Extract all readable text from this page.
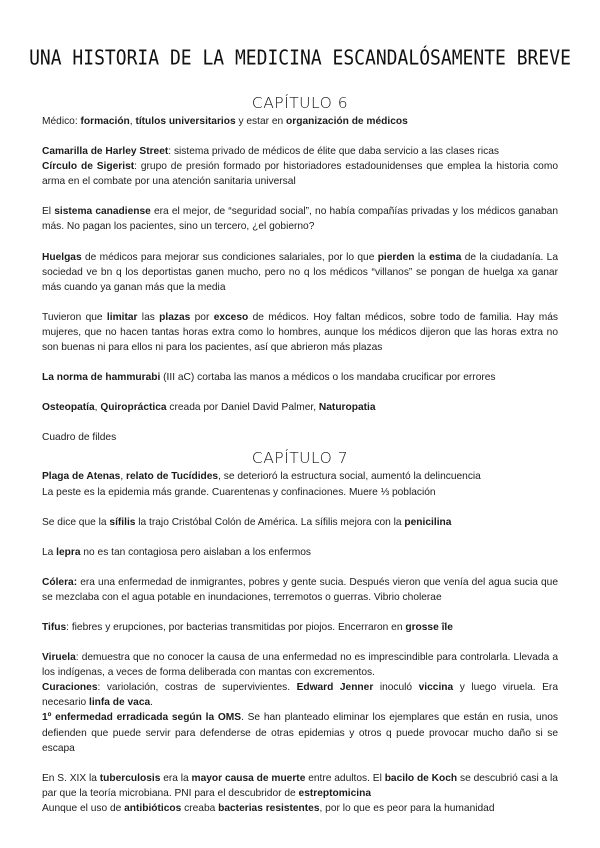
UNA HISTORIA DE LA MEDICINA ESCANDALÓSAMENTE BREVE
CAPÍTULO 6

Médico: formación, títulos universitarios y estar en organización de médicos

Camarilla de Harley Street: sistema privado de médicos de élite que daba servicio a las clases ricas

Círculo de Sigerist: grupo de presión formado por historiadores estadounidenses que emplea la historia como arma en el combate por una atención sanitaria universal

El sistema canadiense era el mejor, de “seguridad social”, no había compañías privadas y los médicos ganaban más. No pagan los pacientes, sino un tercero, ¿el gobierno?

Huelgas de médicos para mejorar sus condiciones salariales, por lo que pierden la estima de la ciudadanía. La sociedad ve bn q los deportistas ganen mucho, pero no q los médicos “villanos” se pongan de huelga xa ganar más cuando ya ganan más que la media

Tuvieron que limitar las plazas por exceso de médicos. Hoy faltan médicos, sobre todo de familia. Hay más mujeres, que no hacen tantas horas extra como lo hombres, aunque los médicos dijeron que las horas extra no son buenas ni para ellos ni para los pacientes, así que abrieron más plazas

La norma de hammurabi (III aC) cortaba las manos a médicos o los mandaba crucificar por errores

Osteopatía, Quiropráctica creada por Daniel David Palmer, Naturopatia

Cuadro de fildes

CAPÍTULO 7

Plaga de Atenas, relato de Tucídides, se deterioró la estructura social, aumentó la delincuencia

La peste es la epidemia más grande. Cuarentenas y confinaciones. Muere ⅓ población

Se dice que la sífilis la trajo Cristóbal Colón de América. La sífilis mejora con la penicilina

La lepra no es tan contagiosa pero aislaban a los enfermos

Cólera: era una enfermedad de inmigrantes, pobres y gente sucia. Después vieron que venía del agua sucia que se mezclaba con el agua potable en inundaciones, terremotos o guerras. Vibrio cholerae

Tifus: fiebres y erupciones, por bacterias transmitidas por piojos. Encerraron en grosse île

Viruela: demuestra que no conocer la causa de una enfermedad no es imprescindible para controlarla. Llevada a los indígenas, a veces de forma deliberada con mantas con excrementos.

Curaciones: variolación, costras de supervivientes. Edward Jenner inoculó viccina y luego viruela. Era necesario linfa de vaca.

1º enfermedad erradicada según la OMS. Se han planteado eliminar los ejemplares que están en rusia, unos defienden que puede servir para defenderse de otras epidemias y otros q puede provocar mucho daño si se escapa

En S. XIX la tuberculosis era la mayor causa de muerte entre adultos. El bacilo de Koch se descubrió casi a la par que la teoría microbiana. PNI para el descubridor de estreptomicina

Aunque el uso de antibióticos creaba bacterias resistentes, por lo que es peor para la humanidad
